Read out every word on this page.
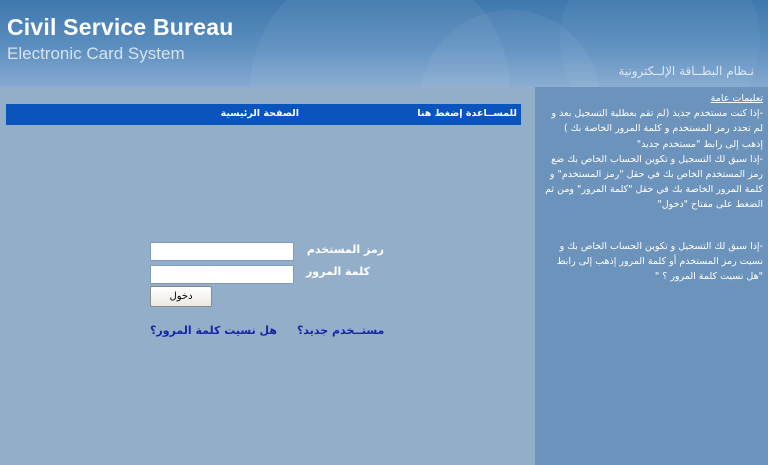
Civil Service Bureau
Electronic Card System
نـظام البطــاقة الإلــكترونية
للمســاعدة إضغط هنا
الصفحة الرئيسية
تعليمات عامة
-إذا كنت مستخدم جديد (لم تقم بعطلية التسجيل بعد و لم تحدد رمز المستخدم و كلمة المرور الخاصة بك ) إذهب إلى رابط "مستخدم جديد"
-إذا سبق لك التسجيل و تكوين الحساب الخاص بك ضع رمز المستخدم الخاص بك في حقل "رمز المستخدم" و كلمة المرور الخاصة بك في حقل "كلمة المرور" ومن ثم الضغط على مفتاح "دخول"
-إذا سبق لك التسجيل و تكوين الحساب الخاص بك و نسيت رمز المستخدم أو كلمة المرور إذهب إلى رابط "هل نسيت كلمة المرور ؟ "
رمز المستخدم
كلمة المرور
دخول
مستــخدم جديد؟
هل نسيت كلمة المرور؟
